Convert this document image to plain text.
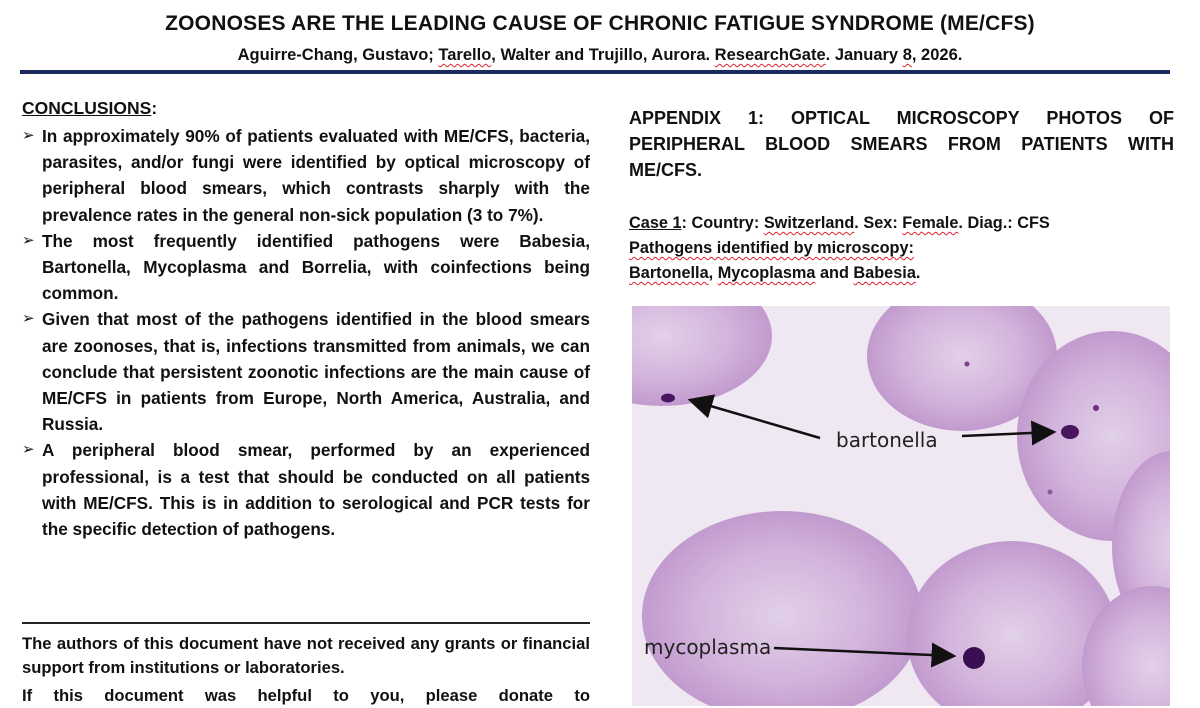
ZOONOSES ARE THE LEADING CAUSE OF CHRONIC FATIGUE SYNDROME (ME/CFS)
Aguirre-Chang, Gustavo; Tarello, Walter and Trujillo, Aurora. ResearchGate. January 8, 2026.
CONCLUSIONS:
➢ In approximately 90% of patients evaluated with ME/CFS, bacteria, parasites, and/or fungi were identified by optical microscopy of peripheral blood smears, which contrasts sharply with the prevalence rates in the general non-sick population (3 to 7%).
➢ The most frequently identified pathogens were Babesia, Bartonella, Mycoplasma and Borrelia, with coinfections being common.
➢ Given that most of the pathogens identified in the blood smears are zoonoses, that is, infections transmitted from animals, we can conclude that persistent zoonotic infections are the main cause of ME/CFS in patients from Europe, North America, Australia, and Russia.
➢ A peripheral blood smear, performed by an experienced professional, is a test that should be conducted on all patients with ME/CFS. This is in addition to serological and PCR tests for the specific detection of pathogens.
The authors of this document have not received any grants or financial support from institutions or laboratories.
If this document was helpful to you, please donate to

APPENDIX 1: OPTICAL MICROSCOPY PHOTOS OF PERIPHERAL BLOOD SMEARS FROM PATIENTS WITH ME/CFS.

Case 1: Country: Switzerland. Sex: Female. Diag.: CFS
Pathogens identified by microscopy:
Bartonella, Mycoplasma and Babesia.
bartonella
mycoplasma
